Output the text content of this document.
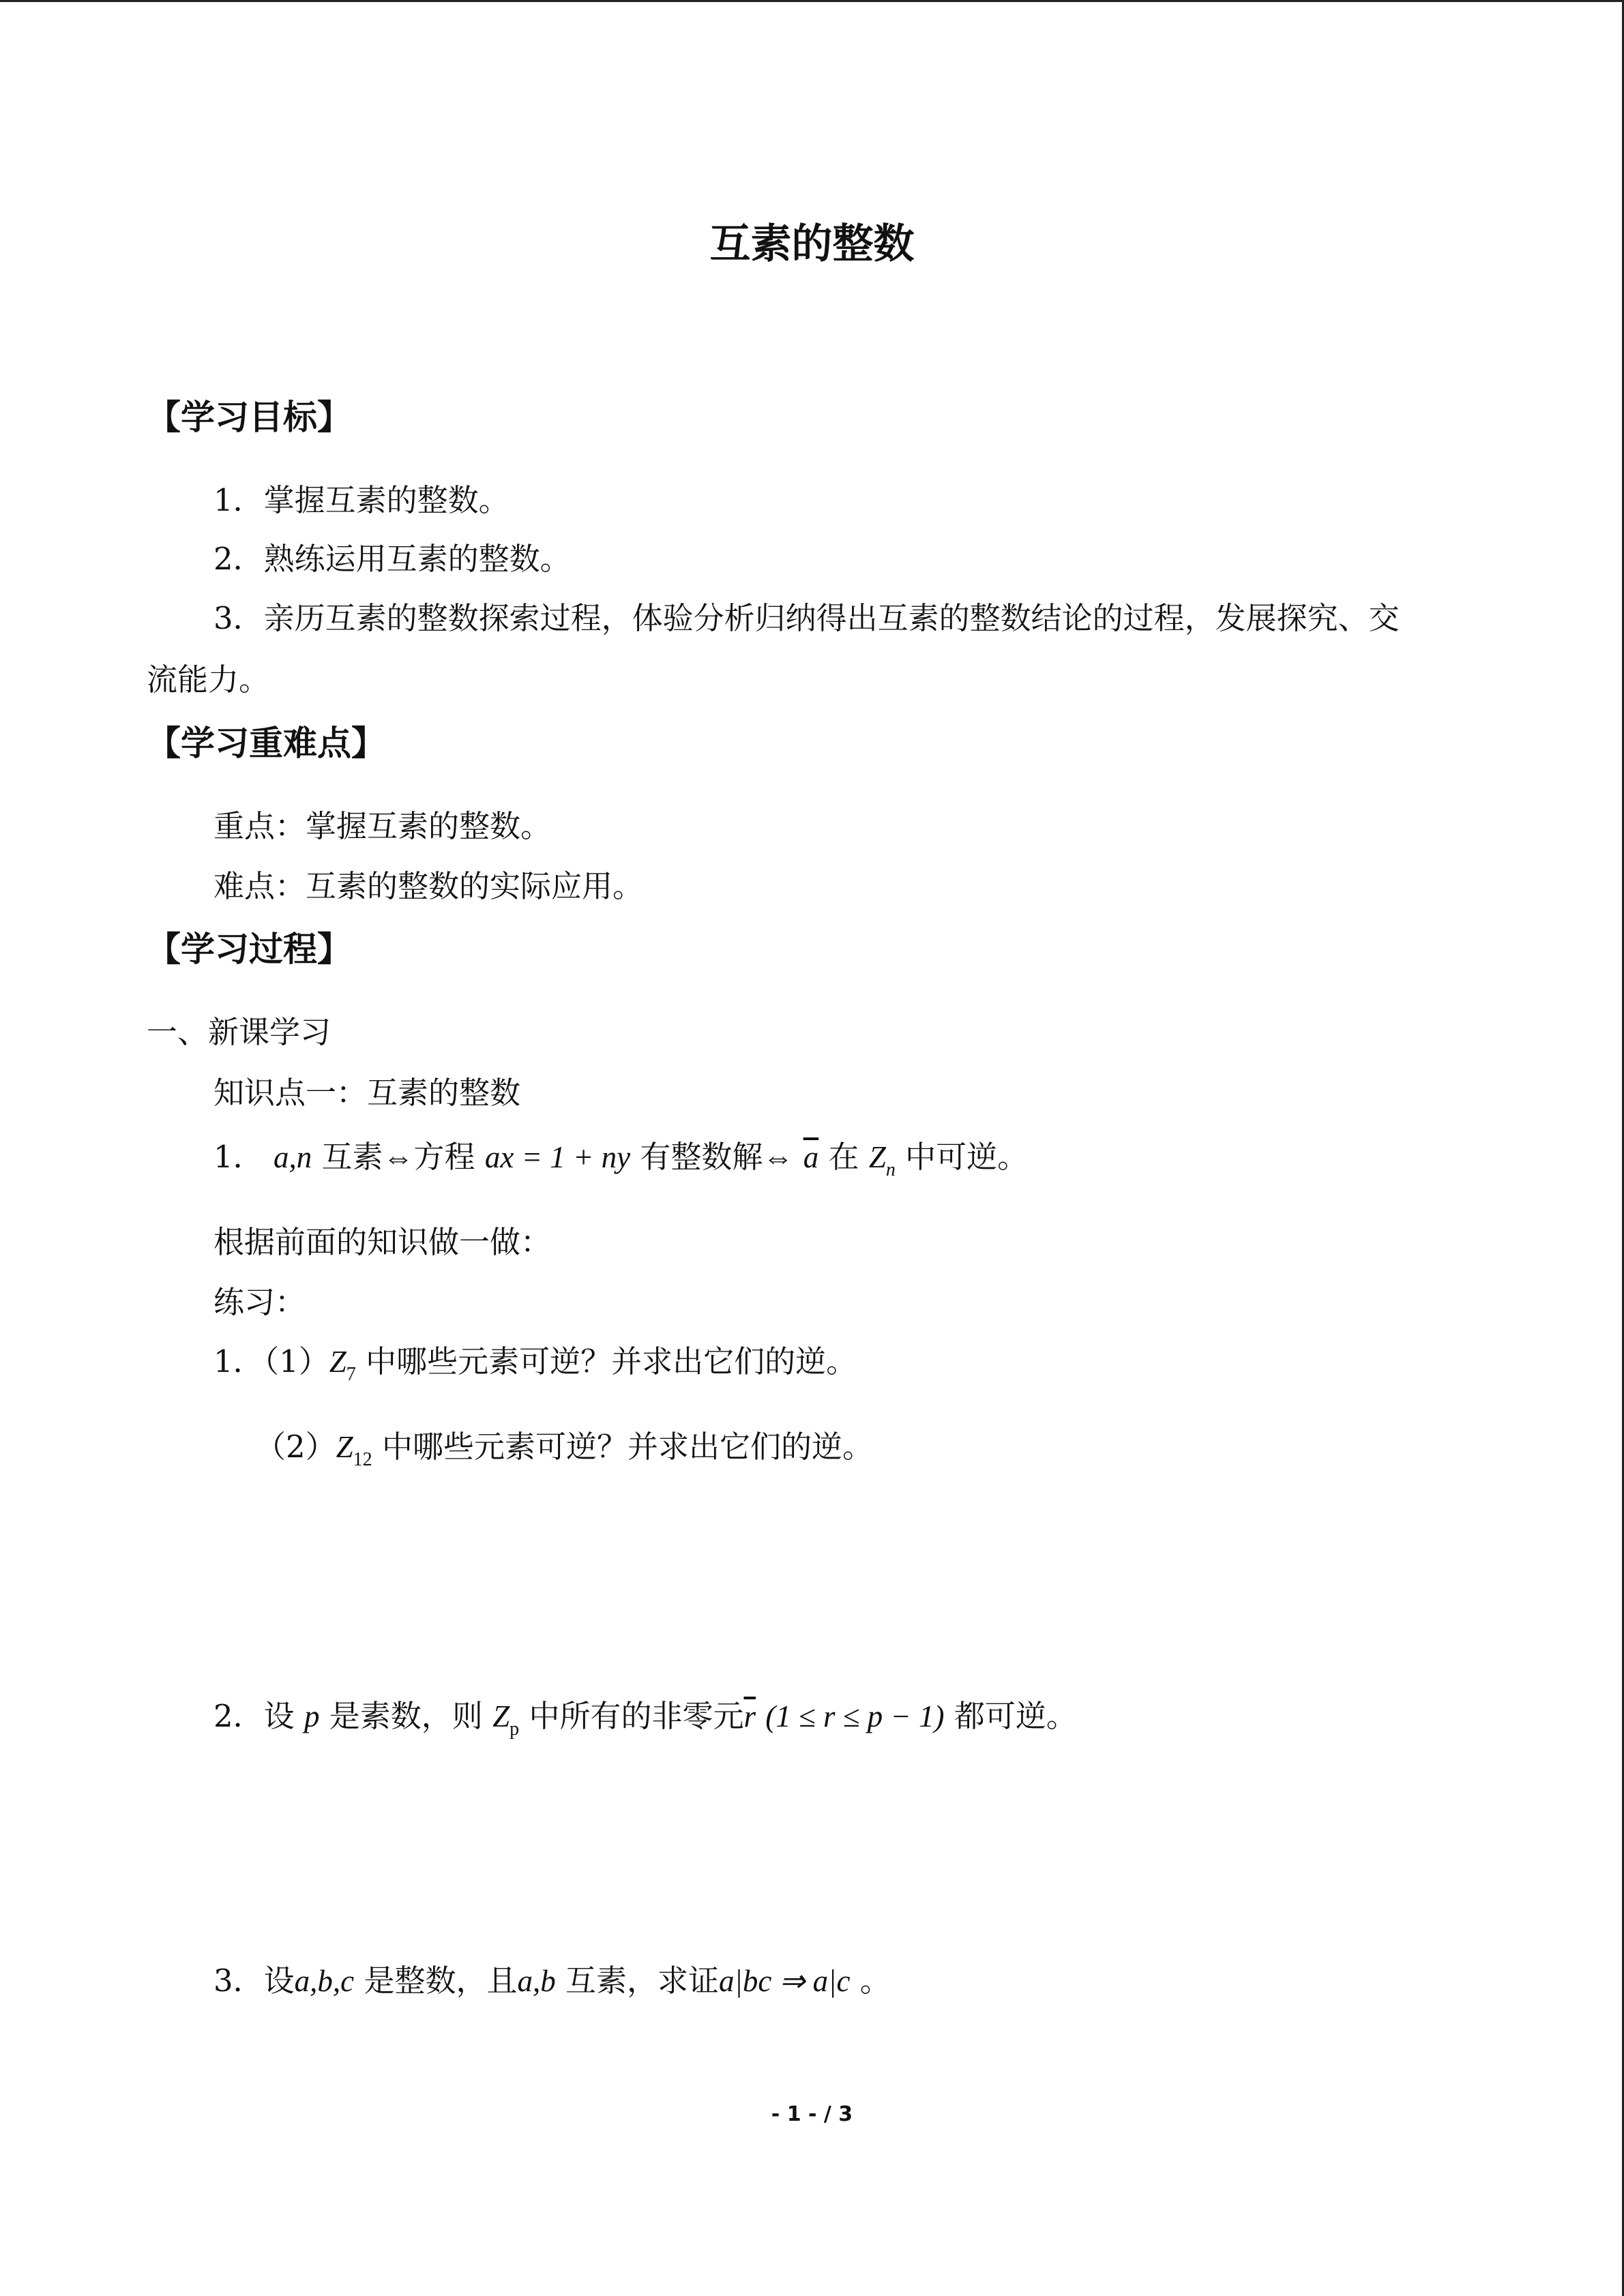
互素的整数
【学习目标】
1．掌握互素的整数。
2．熟练运用互素的整数。
3．亲历互素的整数探索过程，体验分析归纳得出互素的整数结论的过程，发展探究、交
流能力。
【学习重难点】
重点：掌握互素的整数。
难点：互素的整数的实际应用。
【学习过程】
一、新课学习
知识点一：互素的整数
1． a,n 互素⇔方程 ax = 1 + ny 有整数解⇔ $\overline{a}$ 在 $Z_n$ 中可逆。
根据前面的知识做一做：
练习：
1．$(1)Z_7$ 中哪些元素可逆？并求出它们的逆。
$(2)Z_{12}$ 中哪些元素可逆？并求出它们的逆。
2．设 p 是素数，则 $Z_p$ 中所有的非零元$\overline{r}$ (1 ≤ r ≤ p − 1) 都可逆。
3．设a,b,c 是整数，且a,b 互素，求证a|bc ⇒ a|c 。
- 1 - / 3
